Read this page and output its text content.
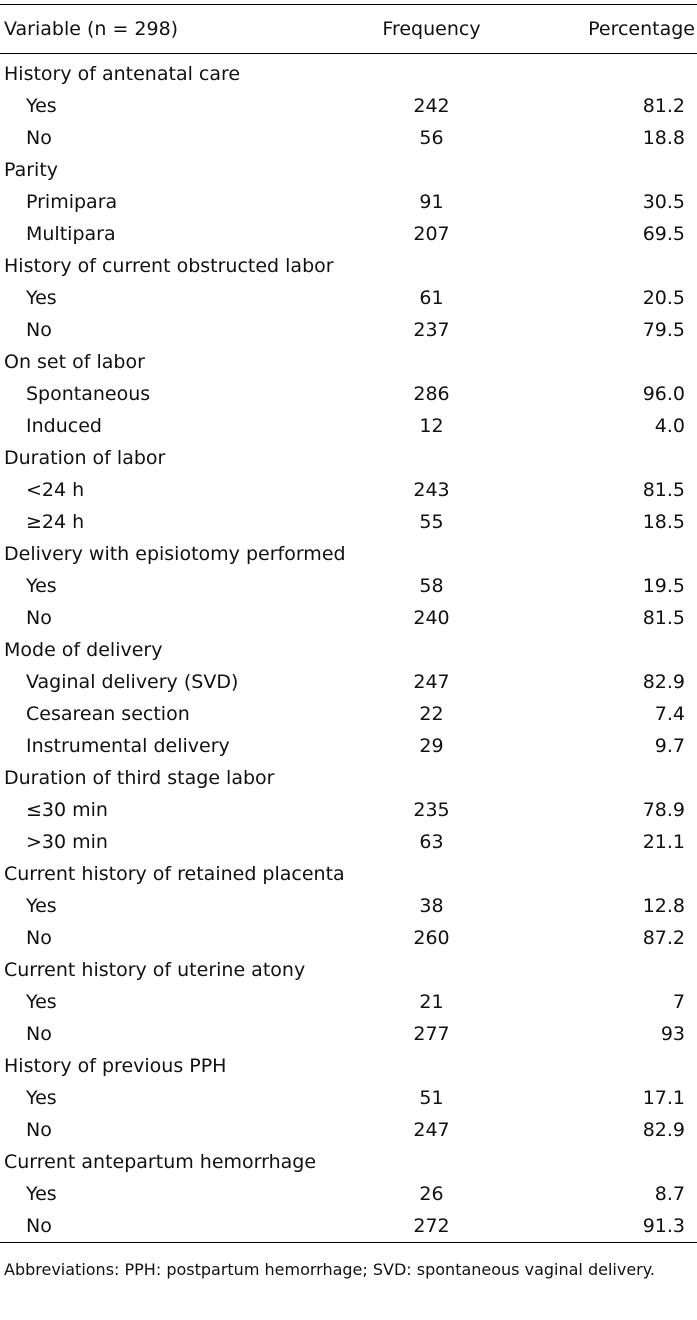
Variable (n = 298)	Frequency	Percentage
History of antenatal care
Yes	242	81.2
No	56	18.8
Parity
Primipara	91	30.5
Multipara	207	69.5
History of current obstructed labor
Yes	61	20.5
No	237	79.5
On set of labor
Spontaneous	286	96.0
Induced	12	4.0
Duration of labor
<24 h	243	81.5
≥24 h	55	18.5
Delivery with episiotomy performed
Yes	58	19.5
No	240	81.5
Mode of delivery
Vaginal delivery (SVD)	247	82.9
Cesarean section	22	7.4
Instrumental delivery	29	9.7
Duration of third stage labor
≤30 min	235	78.9
>30 min	63	21.1
Current history of retained placenta
Yes	38	12.8
No	260	87.2
Current history of uterine atony
Yes	21	7
No	277	93
History of previous PPH
Yes	51	17.1
No	247	82.9
Current antepartum hemorrhage
Yes	26	8.7
No	272	91.3
Abbreviations: PPH: postpartum hemorrhage; SVD: spontaneous vaginal delivery.
